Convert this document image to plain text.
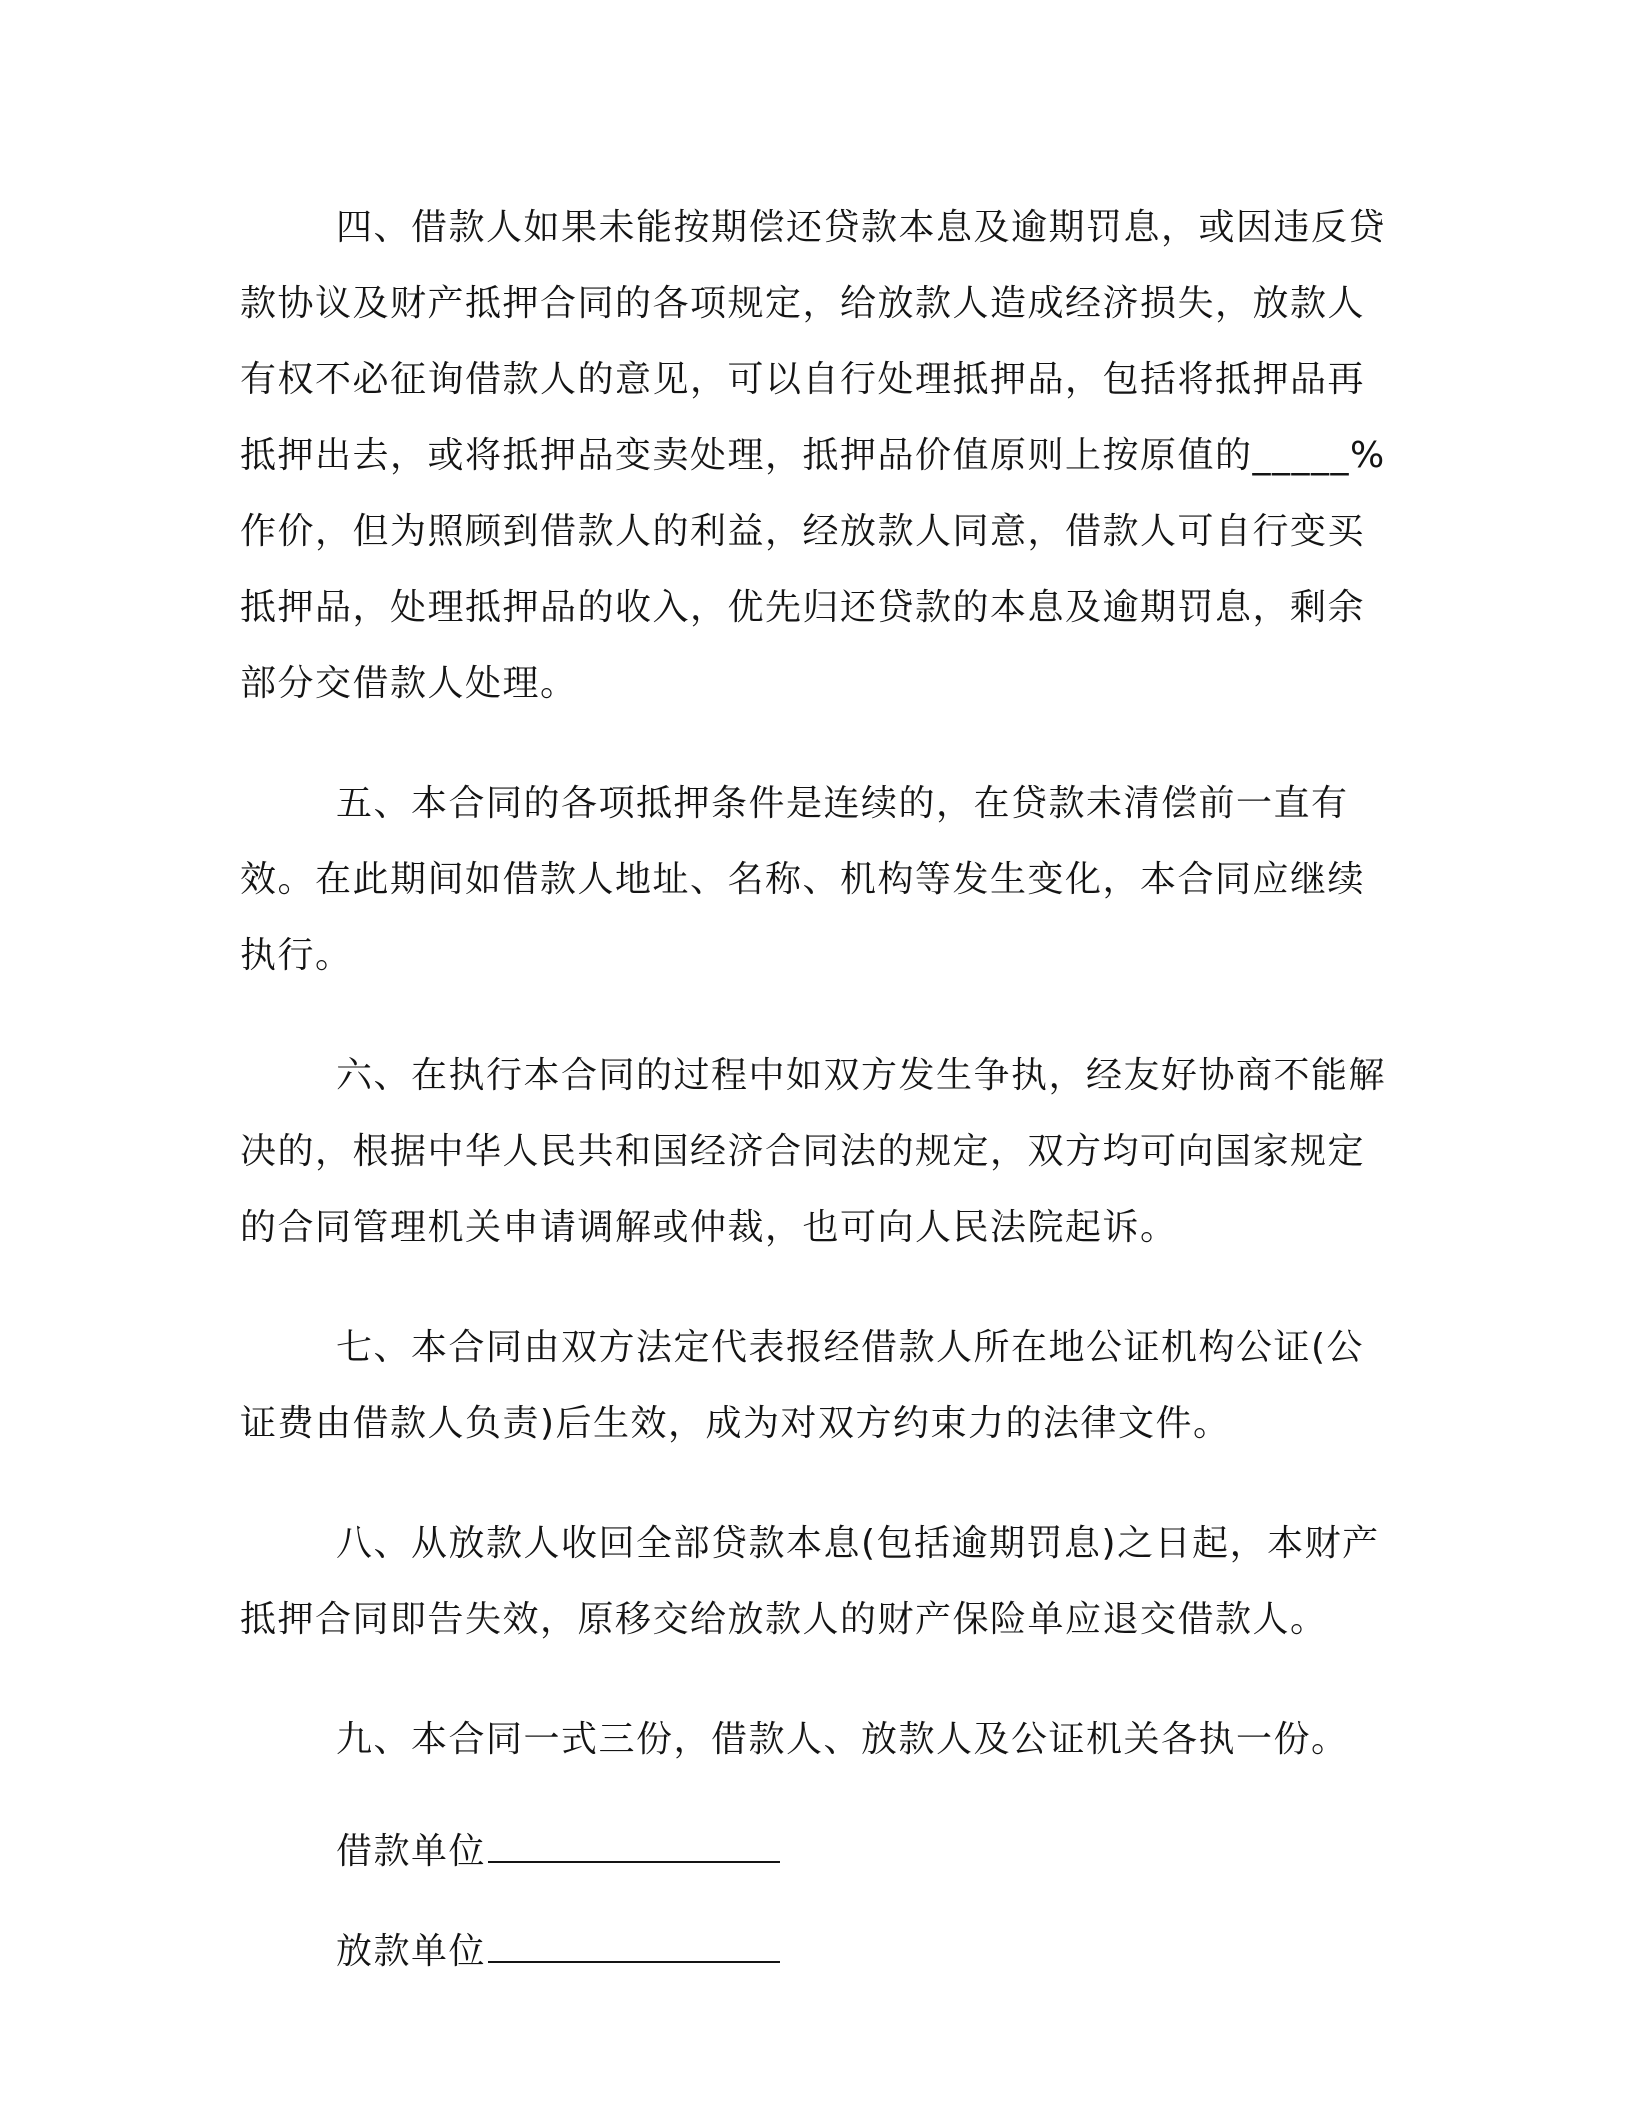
四、借款人如果未能按期偿还贷款本息及逾期罚息，或因违反贷款协议及财产抵押合同的各项规定，给放款人造成经济损失，放款人有权不必征询借款人的意见，可以自行处理抵押品，包括将抵押品再抵押出去，或将抵押品变卖处理，抵押品价值原则上按原值的_____%作价，但为照顾到借款人的利益，经放款人同意，借款人可自行变买抵押品，处理抵押品的收入，优先归还贷款的本息及逾期罚息，剩余部分交借款人处理。

五、本合同的各项抵押条件是连续的，在贷款未清偿前一直有效。在此期间如借款人地址、名称、机构等发生变化，本合同应继续执行。

六、在执行本合同的过程中如双方发生争执，经友好协商不能解决的，根据中华人民共和国经济合同法的规定，双方均可向国家规定的合同管理机关申请调解或仲裁，也可向人民法院起诉。

七、本合同由双方法定代表报经借款人所在地公证机构公证(公证费由借款人负责)后生效，成为对双方约束力的法律文件。

八、从放款人收回全部贷款本息(包括逾期罚息)之日起，本财产抵押合同即告失效，原移交给放款人的财产保险单应退交借款人。

九、本合同一式三份，借款人、放款人及公证机关各执一份。

借款单位
放款单位
